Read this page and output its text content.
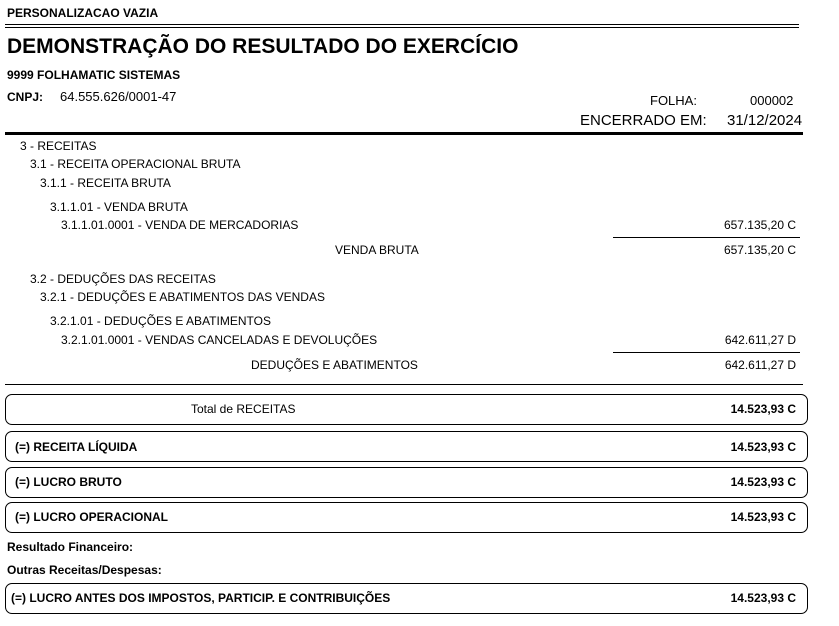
PERSONALIZACAO VAZIA
DEMONSTRAÇÃO DO RESULTADO DO EXERCÍCIO
9999 FOLHAMATIC SISTEMAS
CNPJ: 64.555.626/0001-47	FOLHA:	000002
ENCERRADO EM: 31/12/2024
3 - RECEITAS
3.1 - RECEITA OPERACIONAL BRUTA
3.1.1 - RECEITA BRUTA
3.1.1.01 - VENDA BRUTA
3.1.1.01.0001 - VENDA DE MERCADORIAS	657.135,20 C
VENDA BRUTA	657.135,20 C
3.2 - DEDUÇÕES DAS RECEITAS
3.2.1 - DEDUÇÕES E ABATIMENTOS DAS VENDAS
3.2.1.01 - DEDUÇÕES E ABATIMENTOS
3.2.1.01.0001 - VENDAS CANCELADAS E DEVOLUÇÕES	642.611,27 D
DEDUÇÕES E ABATIMENTOS	642.611,27 D
Total de RECEITAS	14.523,93 C
(=) RECEITA LÍQUIDA	14.523,93 C
(=) LUCRO BRUTO	14.523,93 C
(=) LUCRO OPERACIONAL	14.523,93 C
Resultado Financeiro:
Outras Receitas/Despesas:
(=) LUCRO ANTES DOS IMPOSTOS, PARTICIP. E CONTRIBUIÇÕES	14.523,93 C
